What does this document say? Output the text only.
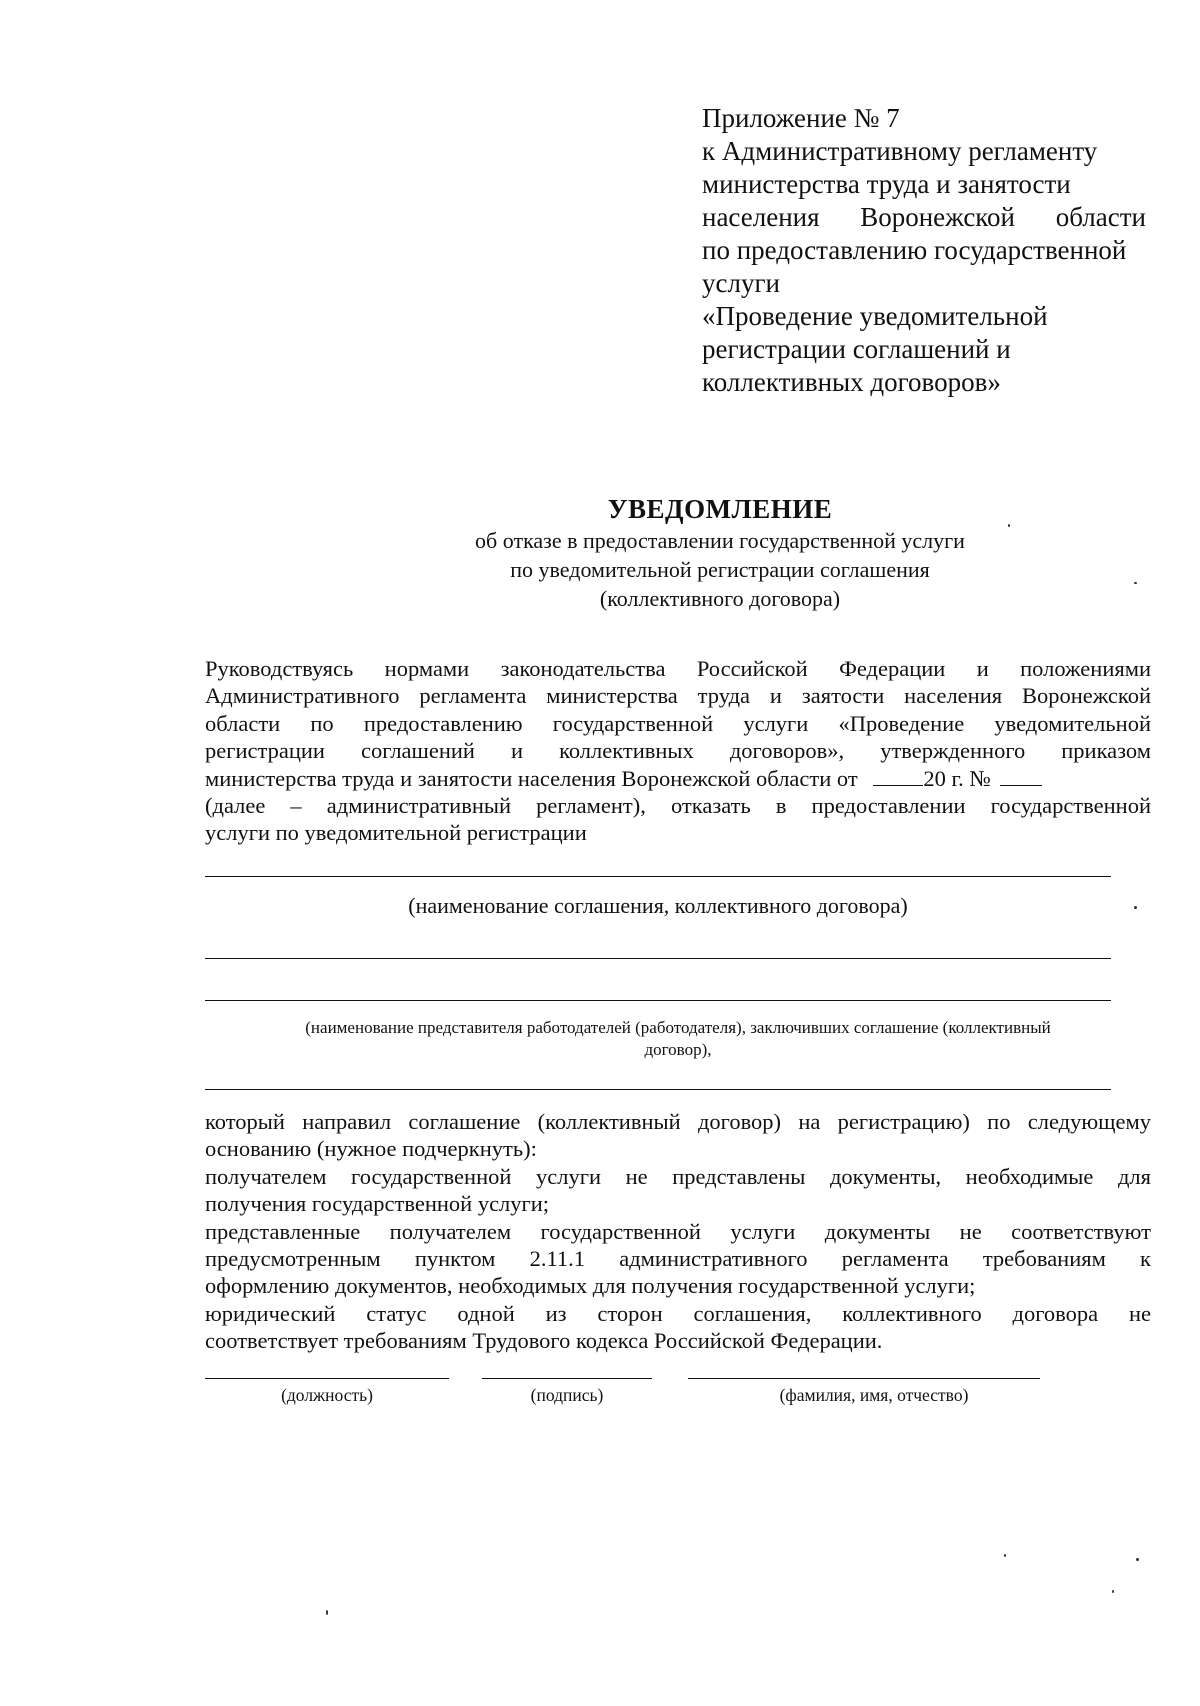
Приложение № 7
к Административному регламенту
министерства труда и занятости
населения Воронежской области
по предоставлению государственной
услуги
«Проведение уведомительной
регистрации соглашений и
коллективных договоров»
УВЕДОМЛЕНИЕ
об отказе в предоставлении государственной услуги
по уведомительной регистрации соглашения
(коллективного договора)
Руководствуясь нормами законодательства Российской Федерации и положениями
Административного регламента министерства труда и заятости населения Воронежской
области по предоставлению государственной услуги «Проведение уведомительной
регистрации соглашений и коллективных договоров», утвержденного приказом
министерства труда и занятости населения Воронежской области от	20 г. №
(далее – административный регламент), отказать в предоставлении государственной
услуги по уведомительной регистрации
(наименование соглашения, коллективного договора)
(наименование представителя работодателей (работодателя), заключивших соглашение (коллективный
договор),
который направил соглашение (коллективный договор) на регистрацию) по следующему
основанию (нужное подчеркнуть):
получателем государственной услуги не представлены документы, необходимые для
получения государственной услуги;
представленные получателем государственной услуги документы не соответствуют
предусмотренным пунктом 2.11.1 административного регламента требованиям к
оформлению документов, необходимых для получения государственной услуги;
юридический статус одной из сторон соглашения, коллективного договора не
соответствует требованиям Трудового кодекса Российской Федерации.
(должность)	(подпись)	(фамилия, имя, отчество)
